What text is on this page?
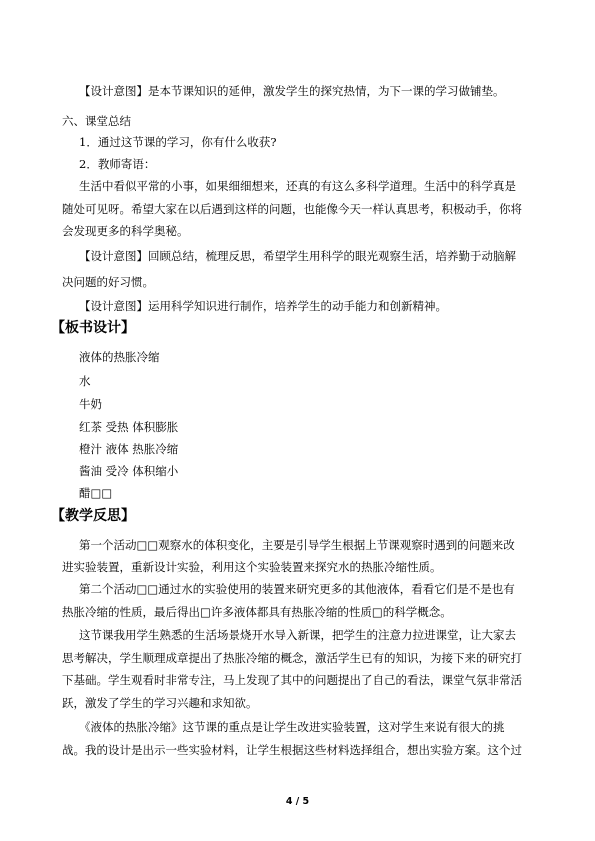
【设计意图】是本节课知识的延伸，激发学生的探究热情，为下一课的学习做铺垫。
六、课堂总结
1．通过这节课的学习，你有什么收获?
2．教师寄语：
生活中看似平常的小事，如果细细想来，还真的有这么多科学道理。生活中的科学真是
随处可见呀。希望大家在以后遇到这样的问题，也能像今天一样认真思考，积极动手，你将
会发现更多的科学奥秘。
【设计意图】回顾总结，梳理反思，希望学生用科学的眼光观察生活，培养勤于动脑解
决问题的好习惯。
【设计意图】运用科学知识进行制作，培养学生的动手能力和创新精神。
【板书设计】
液体的热胀冷缩
水
牛奶
红茶 受热 体积膨胀
橙汁 液体 热胀冷缩
酱油 受冷 体积缩小
醋□□
【教学反思】
第一个活动□□观察水的体积变化，主要是引导学生根据上节课观察时遇到的问题来改
进实验装置，重新设计实验，利用这个实验装置来探究水的热胀冷缩性质。
第二个活动□□通过水的实验使用的装置来研究更多的其他液体，看看它们是不是也有
热胀冷缩的性质，最后得出□许多液体都具有热胀冷缩的性质□的科学概念。
这节课我用学生熟悉的生活场景烧开水导入新课，把学生的注意力拉进课堂，让大家去
思考解决，学生顺理成章提出了热胀冷缩的概念，激活学生已有的知识，为接下来的研究打
下基础。学生观看时非常专注，马上发现了其中的问题提出了自己的看法，课堂气氛非常活
跃，激发了学生的学习兴趣和求知欲。
《液体的热胀冷缩》这节课的重点是让学生改进实验装置，这对学生来说有很大的挑
战。我的设计是出示一些实验材料，让学生根据这些材料选择组合，想出实验方案。这个过
4 / 5
